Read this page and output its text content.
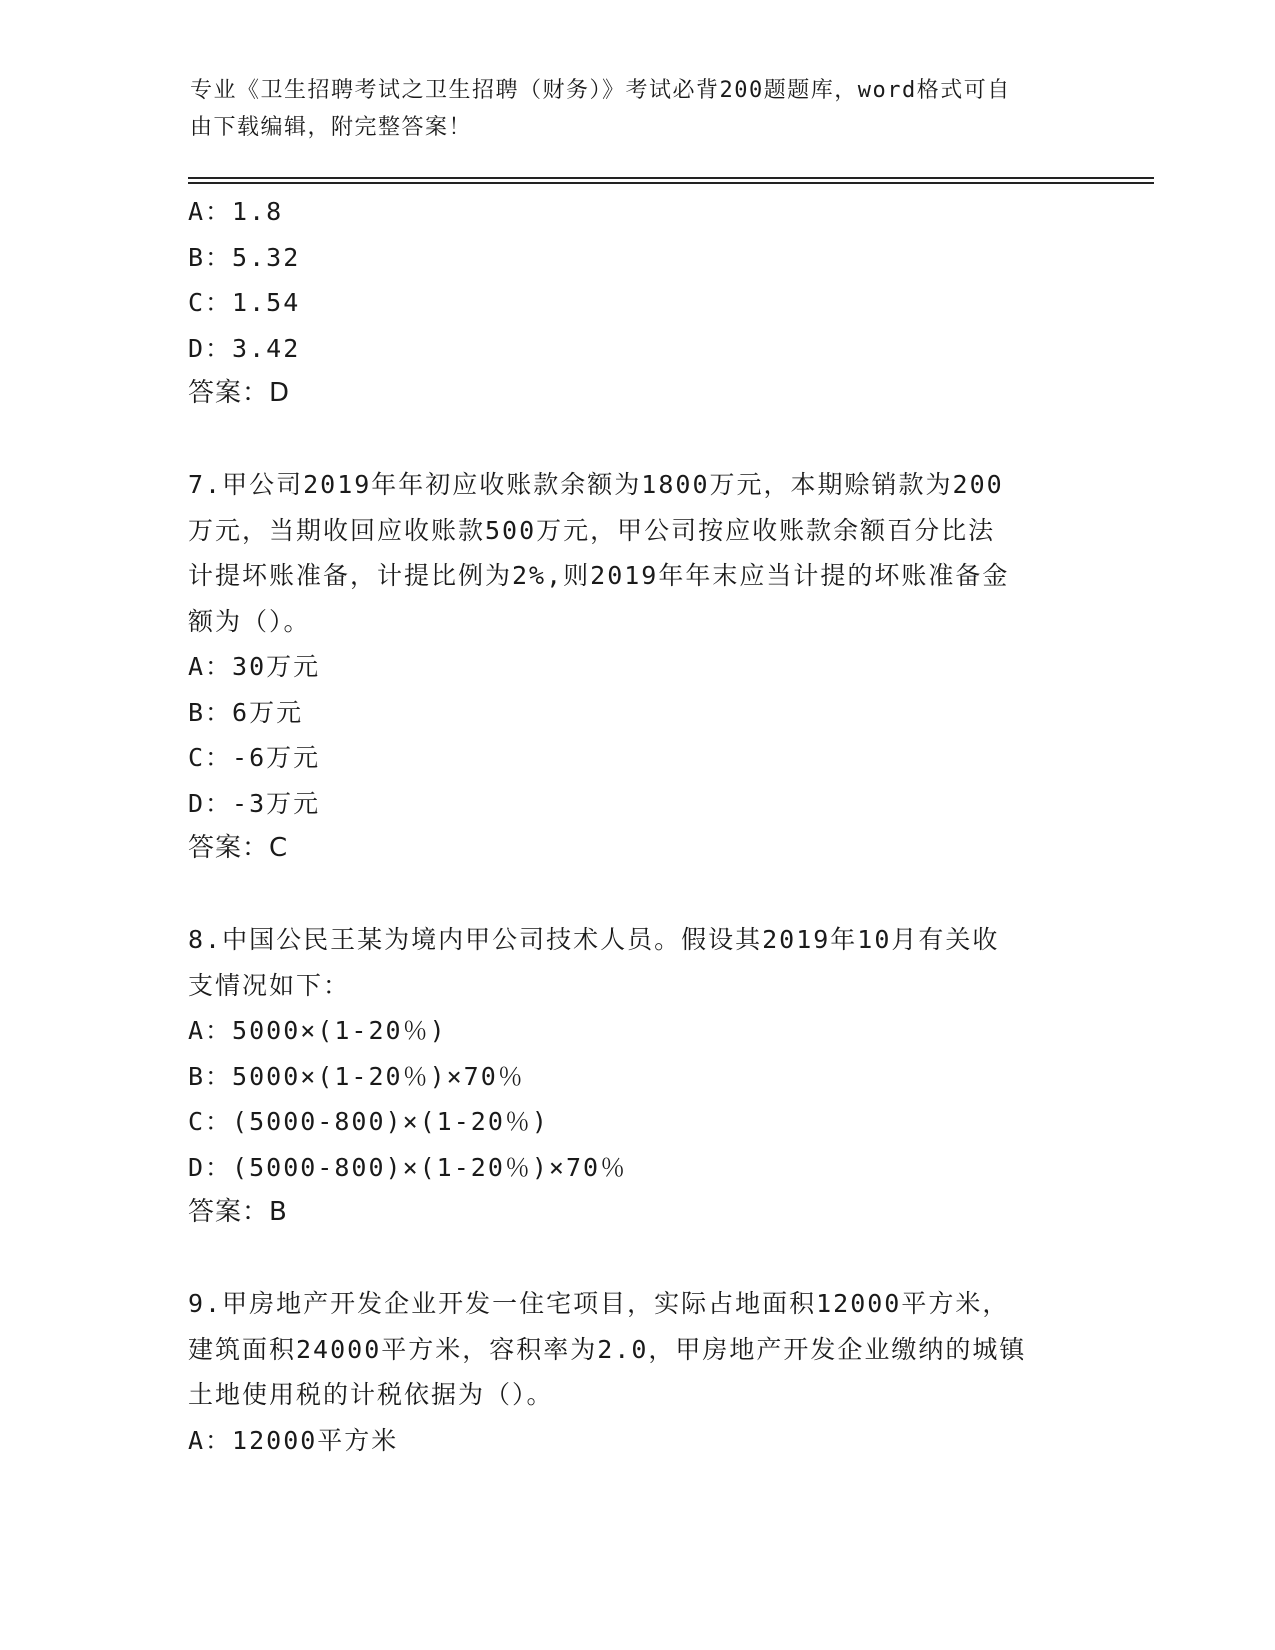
专业《卫生招聘考试之卫生招聘（财务）》考试必背200题题库，word格式可自
由下载编辑，附完整答案！
A：1.8
B：5.32
C：1.54
D：3.42
答案：D
7.甲公司2019年年初应收账款余额为1800万元，本期赊销款为200
万元，当期收回应收账款500万元，甲公司按应收账款余额百分比法
计提坏账准备，计提比例为2%,则2019年年末应当计提的坏账准备金
额为（）。
A：30万元
B：6万元
C：-6万元
D：-3万元
答案：C
8.中国公民王某为境内甲公司技术人员。假设其2019年10月有关收
支情况如下：
A：5000×(1-20％)
B：5000×(1-20％)×70％
C：(5000-800)×(1-20％)
D：(5000-800)×(1-20％)×70％
答案：B
9.甲房地产开发企业开发一住宅项目，实际占地面积12000平方米，
建筑面积24000平方米，容积率为2.0，甲房地产开发企业缴纳的城镇
土地使用税的计税依据为（）。
A：12000平方米
